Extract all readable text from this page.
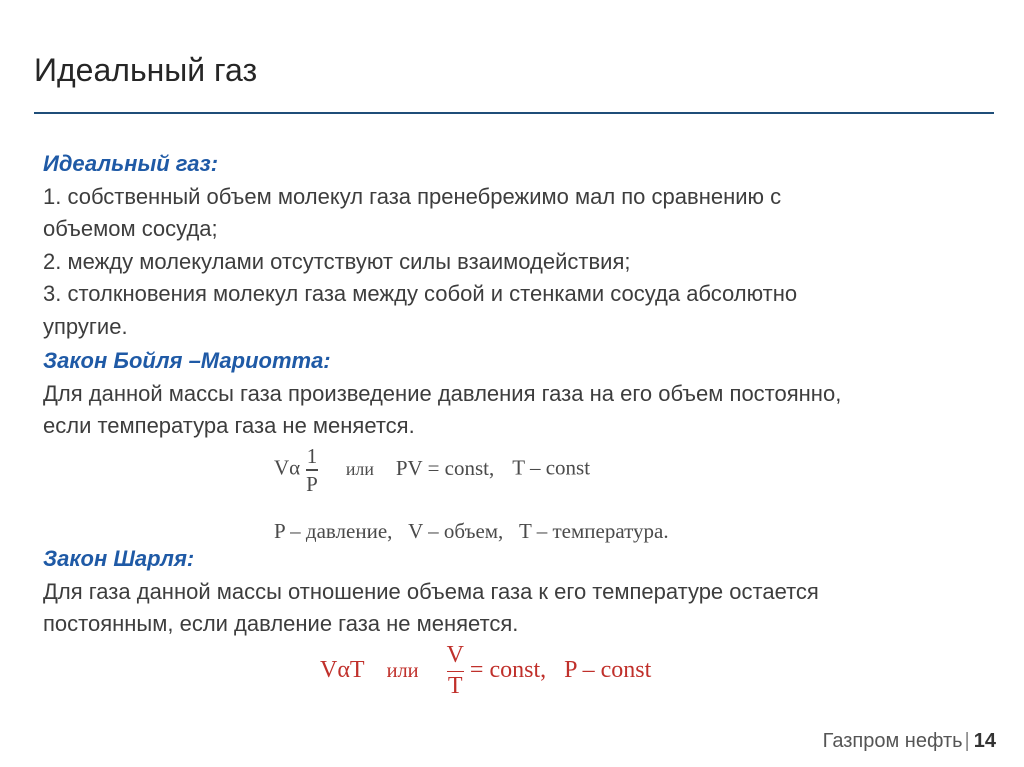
Идеальный газ
Идеальный газ:
1. собственный объем молекул газа пренебрежимо мал по сравнению с
объемом сосуда;
2. между молекулами отсутствуют силы взаимодействия;
3. столкновения молекул газа между собой и стенками сосуда абсолютно
упругие.
Закон Бойля –Мариотта:
Для данной массы газа произведение давления газа на его объем постоянно,
если температура газа не меняется.
Vα $\frac{1}{P}$ или PV = const, T – const
P – давление,   V – объем,   T – температура.
Закон Шарля:
Для газа данной массы отношение объема газа к его температуре остается
постоянным, если давление газа не меняется.
VαT или $\frac{V}{T}$ = const, P – const
Газпром нефть | 14
